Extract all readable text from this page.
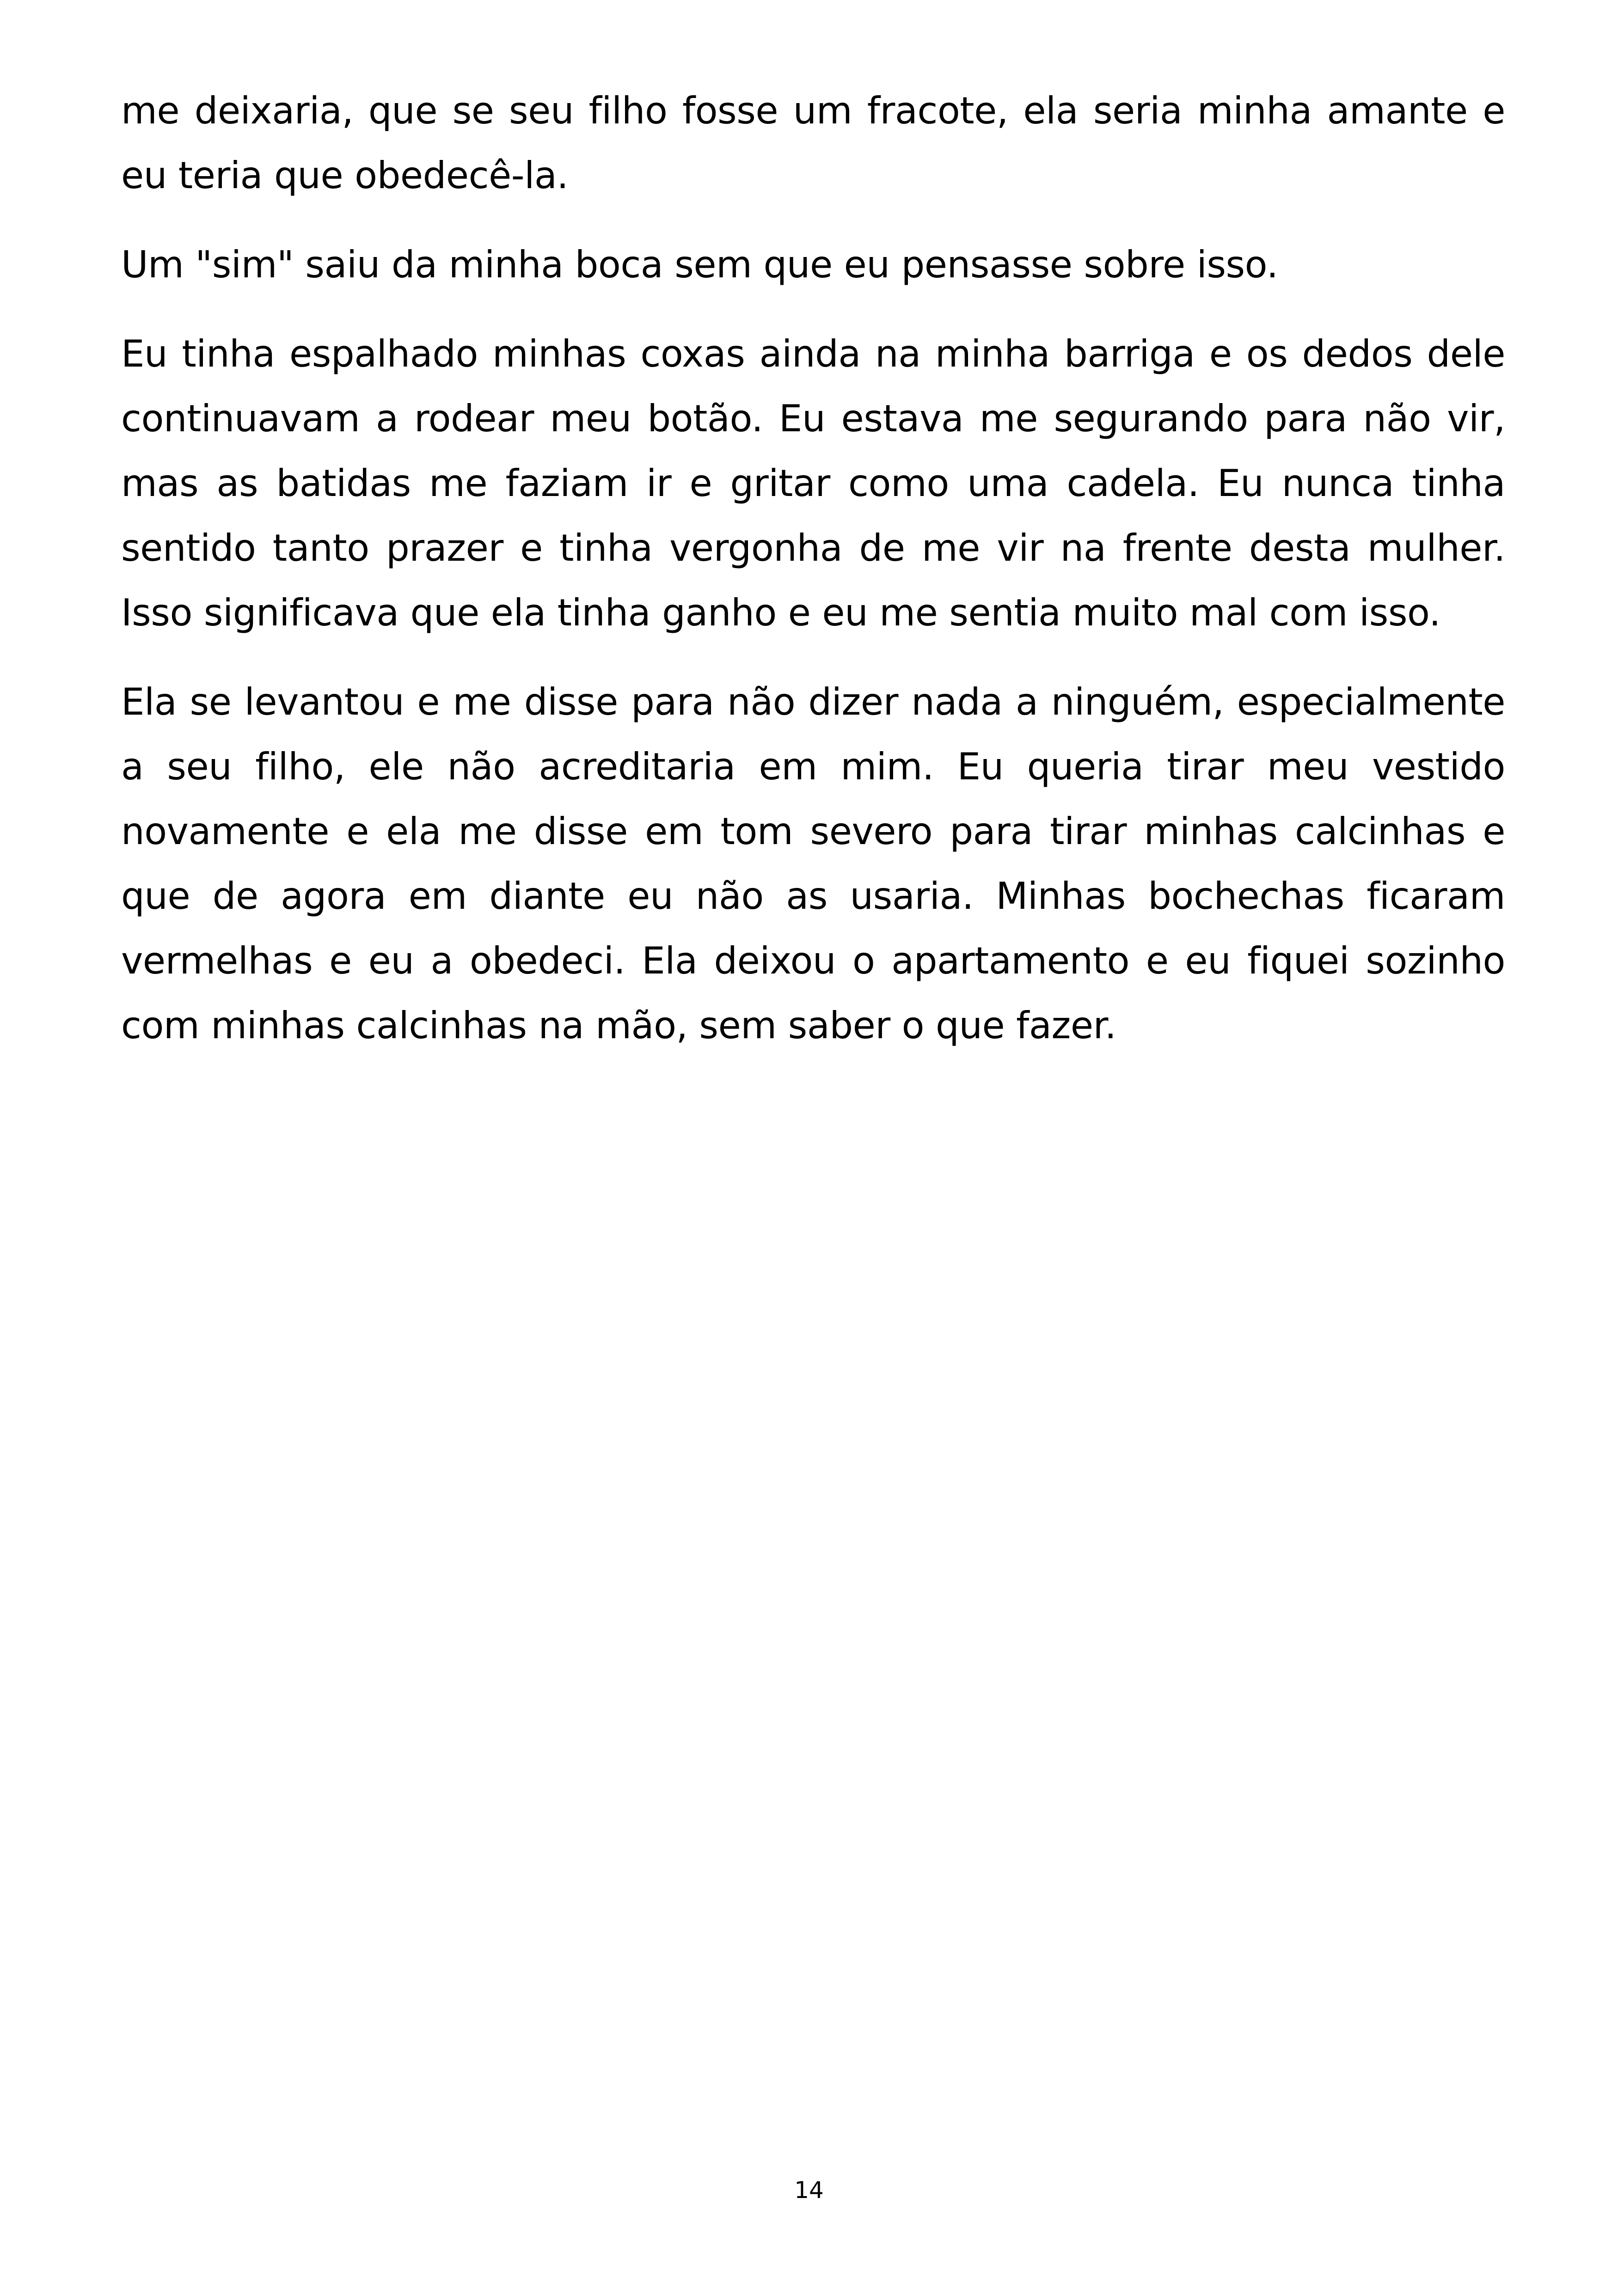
me deixaria, que se seu filho fosse um fracote, ela seria minha amante e eu teria que obedecê-la.

Um "sim" saiu da minha boca sem que eu pensasse sobre isso.

Eu tinha espalhado minhas coxas ainda na minha barriga e os dedos dele continuavam a rodear meu botão. Eu estava me segurando para não vir, mas as batidas me faziam ir e gritar como uma cadela. Eu nunca tinha sentido tanto prazer e tinha vergonha de me vir na frente desta mulher. Isso significava que ela tinha ganho e eu me sentia muito mal com isso.

Ela se levantou e me disse para não dizer nada a ninguém, especialmente a seu filho, ele não acreditaria em mim. Eu queria tirar meu vestido novamente e ela me disse em tom severo para tirar minhas calcinhas e que de agora em diante eu não as usaria. Minhas bochechas ficaram vermelhas e eu a obedeci. Ela deixou o apartamento e eu fiquei sozinho com minhas calcinhas na mão, sem saber o que fazer.

14
